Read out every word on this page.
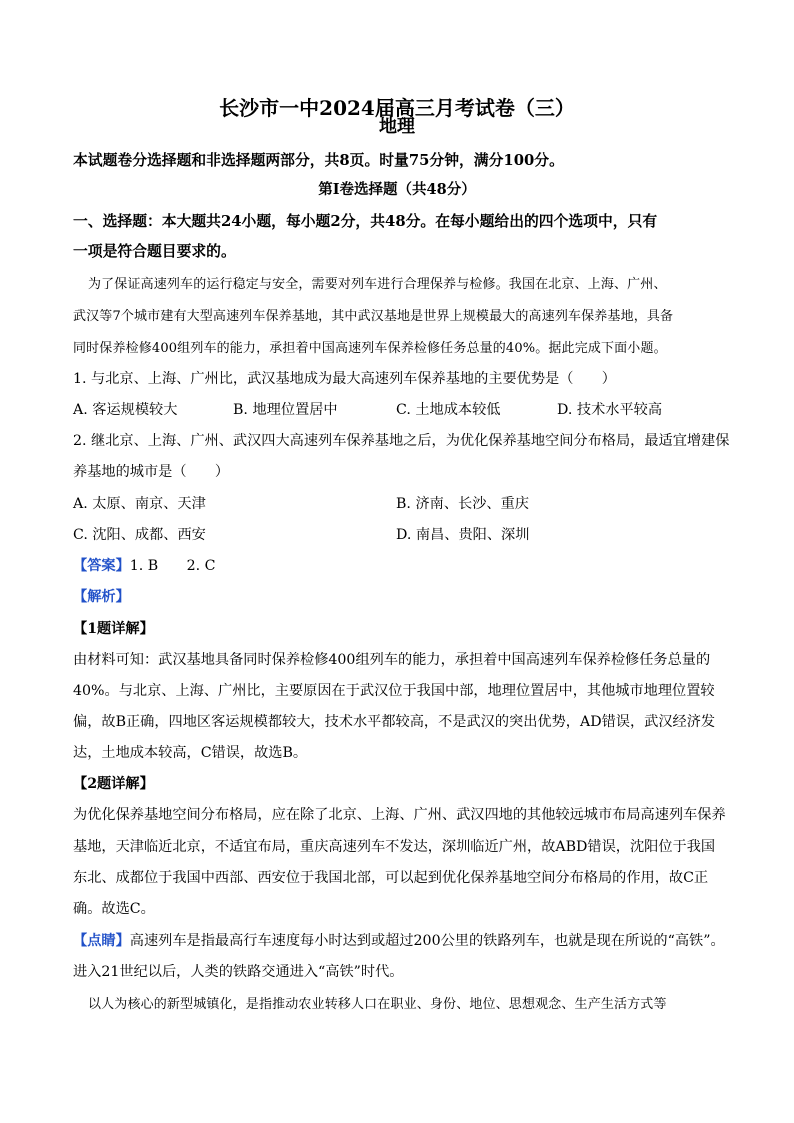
长沙市一中2024届高三月考试卷（三）
地理
本试题卷分选择题和非选择题两部分，共8页。时量75分钟，满分100分。
第Ⅰ卷选择题（共48分）
一、选择题：本大题共24小题，每小题2分，共48分。在每小题给出的四个选项中，只有
一项是符合题目要求的。
为了保证高速列车的运行稳定与安全，需要对列车进行合理保养与检修。我国在北京、上海、广州、
武汉等7个城市建有大型高速列车保养基地，其中武汉基地是世界上规模最大的高速列车保养基地，具备
同时保养检修400组列车的能力，承担着中国高速列车保养检修任务总量的40%。据此完成下面小题。
1. 与北京、上海、广州比，武汉基地成为最大高速列车保养基地的主要优势是（　　）
A. 客运规模较大	B. 地理位置居中	C. 土地成本较低	D. 技术水平较高
2. 继北京、上海、广州、武汉四大高速列车保养基地之后，为优化保养基地空间分布格局，最适宜增建保
养基地的城市是（　　）
A. 太原、南京、天津	B. 济南、长沙、重庆
C. 沈阳、成都、西安	D. 南昌、贵阳、深圳
【答案】1. B　　2. C
【解析】
【1题详解】
由材料可知：武汉基地具备同时保养检修400组列车的能力，承担着中国高速列车保养检修任务总量的
40%。与北京、上海、广州比，主要原因在于武汉位于我国中部，地理位置居中，其他城市地理位置较
偏，故B正确，四地区客运规模都较大，技术水平都较高，不是武汉的突出优势，AD错误，武汉经济发
达，土地成本较高，C错误，故选B。
【2题详解】
为优化保养基地空间分布格局，应在除了北京、上海、广州、武汉四地的其他较远城市布局高速列车保养
基地，天津临近北京，不适宜布局，重庆高速列车不发达，深圳临近广州，故ABD错误，沈阳位于我国
东北、成都位于我国中西部、西安位于我国北部，可以起到优化保养基地空间分布格局的作用，故C正
确。故选C。
【点睛】高速列车是指最高行车速度每小时达到或超过200公里的铁路列车，也就是现在所说的“高铁”。
进入21世纪以后，人类的铁路交通进入“高铁”时代。
以人为核心的新型城镇化，是指推动农业转移人口在职业、身份、地位、思想观念、生产生活方式等
